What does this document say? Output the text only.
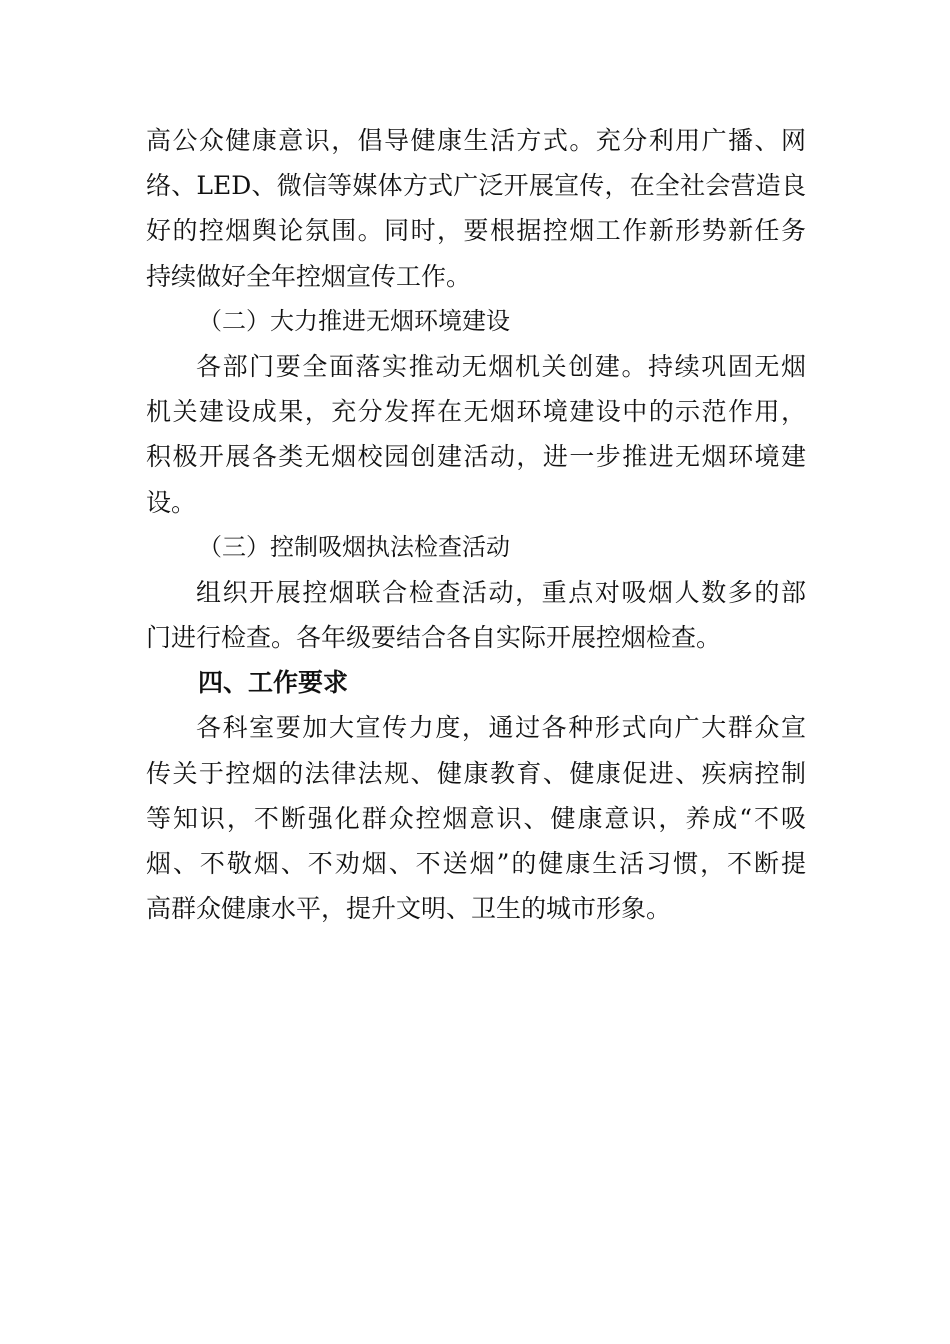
高公众健康意识，倡导健康生活方式。充分利用广播、网
络、LED、微信等媒体方式广泛开展宣传，在全社会营造良
好的控烟舆论氛围。同时，要根据控烟工作新形势新任务
持续做好全年控烟宣传工作。
（二）大力推进无烟环境建设
各部门要全面落实推动无烟机关创建。持续巩固无烟
机关建设成果，充分发挥在无烟环境建设中的示范作用，
积极开展各类无烟校园创建活动，进一步推进无烟环境建
设。
（三）控制吸烟执法检查活动
组织开展控烟联合检查活动，重点对吸烟人数多的部
门进行检查。各年级要结合各自实际开展控烟检查。
四、工作要求
各科室要加大宣传力度，通过各种形式向广大群众宣
传关于控烟的法律法规、健康教育、健康促进、疾病控制
等知识，不断强化群众控烟意识、健康意识，养成“不吸
烟、不敬烟、不劝烟、不送烟”的健康生活习惯，不断提
高群众健康水平，提升文明、卫生的城市形象。
